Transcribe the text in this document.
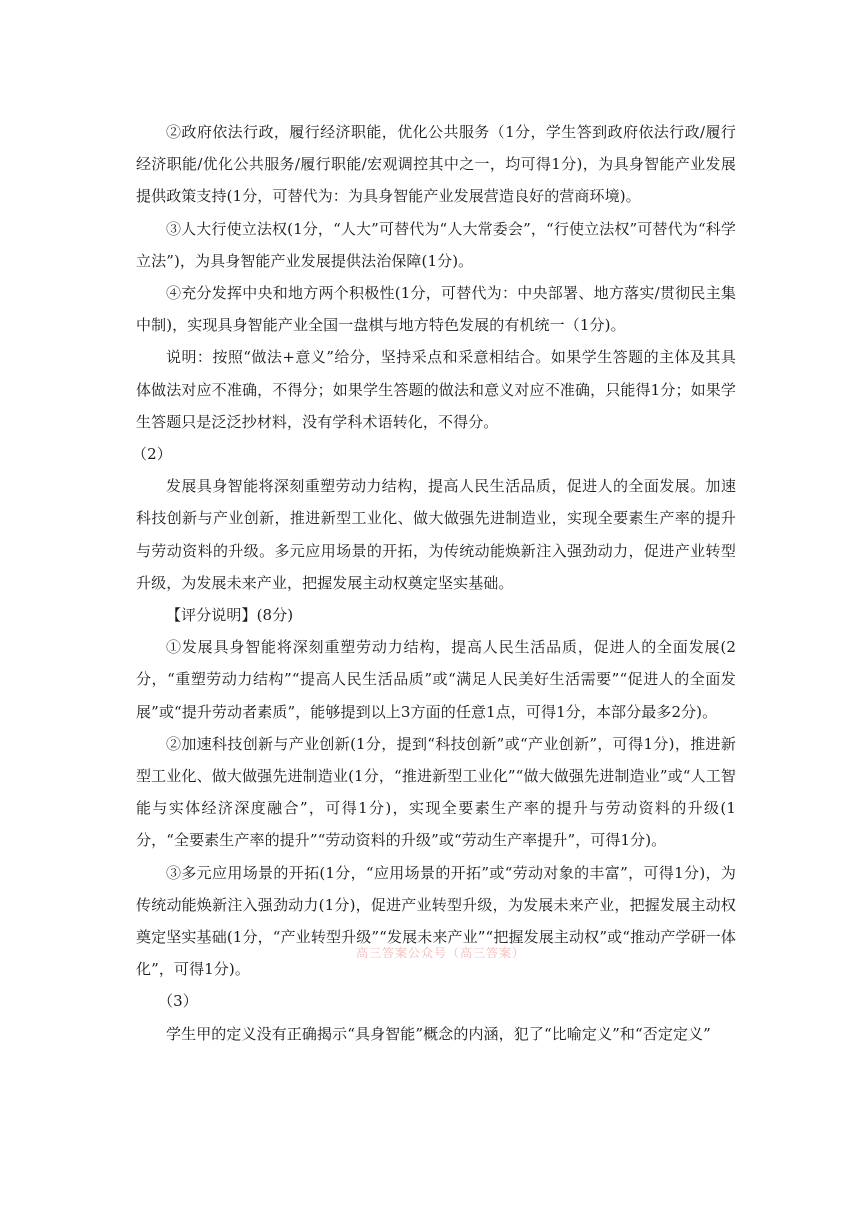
②政府依法行政，履行经济职能，优化公共服务（1分，学生答到政府依法行政/履行经济职能/优化公共服务/履行职能/宏观调控其中之一，均可得1分)，为具身智能产业发展提供政策支持(1分，可替代为：为具身智能产业发展营造良好的营商环境)。

③人大行使立法权(1分，“人大”可替代为“人大常委会”，“行使立法权”可替代为“科学立法”)，为具身智能产业发展提供法治保障(1分)。

④充分发挥中央和地方两个积极性(1分，可替代为：中央部署、地方落实/贯彻民主集中制)，实现具身智能产业全国一盘棋与地方特色发展的有机统一（1分)。

说明：按照“做法+意义”给分，坚持采点和采意相结合。如果学生答题的主体及其具体做法对应不准确，不得分；如果学生答题的做法和意义对应不准确，只能得1分；如果学生答题只是泛泛抄材料，没有学科术语转化，不得分。

（2）

发展具身智能将深刻重塑劳动力结构，提高人民生活品质，促进人的全面发展。加速科技创新与产业创新，推进新型工业化、做大做强先进制造业，实现全要素生产率的提升与劳动资料的升级。多元应用场景的开拓，为传统动能焕新注入强劲动力，促进产业转型升级，为发展未来产业，把握发展主动权奠定坚实基础。

【评分说明】(8分)

①发展具身智能将深刻重塑劳动力结构，提高人民生活品质，促进人的全面发展(2分，“重塑劳动力结构”“提高人民生活品质”或“满足人民美好生活需要”“促进人的全面发展”或“提升劳动者素质”，能够提到以上3方面的任意1点，可得1分，本部分最多2分)。

②加速科技创新与产业创新(1分，提到“科技创新”或“产业创新”，可得1分)，推进新型工业化、做大做强先进制造业(1分，“推进新型工业化”“做大做强先进制造业”或“人工智能与实体经济深度融合”，可得1分)，实现全要素生产率的提升与劳动资料的升级(1分，“全要素生产率的提升”“劳动资料的升级”或“劳动生产率提升”，可得1分)。

③多元应用场景的开拓(1分，“应用场景的开拓”或“劳动对象的丰富”，可得1分)，为传统动能焕新注入强劲动力(1分)，促进产业转型升级，为发展未来产业，把握发展主动权奠定坚实基础(1分，“产业转型升级”“发展未来产业”“把握发展主动权”或“推动产学研一体化”，可得1分)。

（3）

学生甲的定义没有正确揭示“具身智能”概念的内涵，犯了“比喻定义”和“否定定义”

高三答案公众号（高三答案）
